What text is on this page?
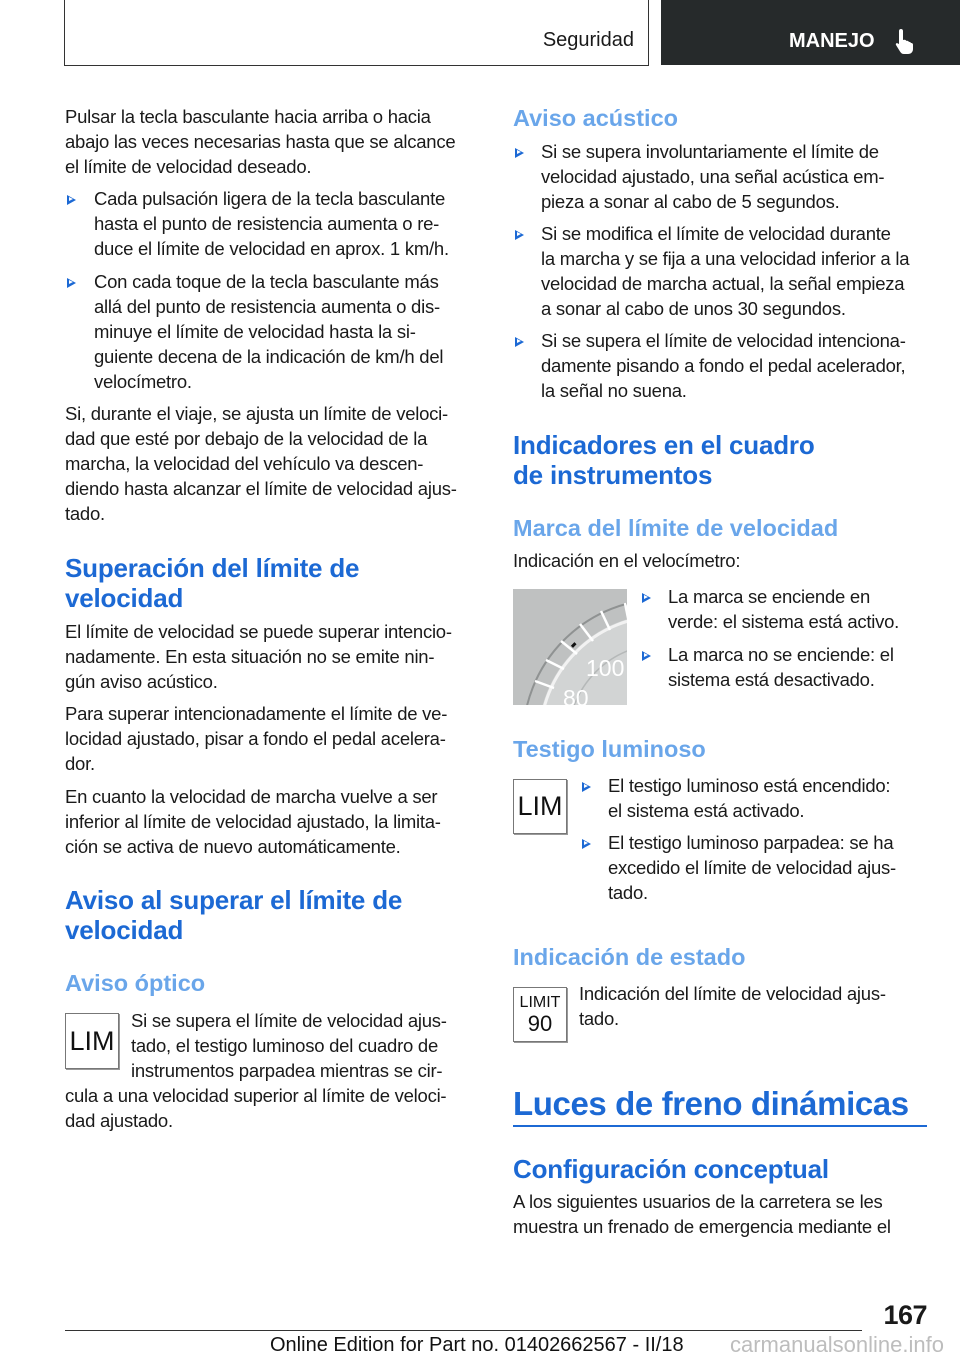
Seguridad	MANEJO
Pulsar la tecla basculante hacia arriba o hacia
abajo las veces necesarias hasta que se alcance
el límite de velocidad deseado.
Cada pulsación ligera de la tecla basculante
hasta el punto de resistencia aumenta o re‐
duce el límite de velocidad en aprox. 1 km/h.
Con cada toque de la tecla basculante más
allá del punto de resistencia aumenta o dis‐
minuye el límite de velocidad hasta la si‐
guiente decena de la indicación de km/h del
velocímetro.
Si, durante el viaje, se ajusta un límite de veloci‐
dad que esté por debajo de la velocidad de la
marcha, la velocidad del vehículo va descen‐
diendo hasta alcanzar el límite de velocidad ajus‐
tado.
Superación del límite de
velocidad
El límite de velocidad se puede superar intencio‐
nadamente. En esta situación no se emite nin‐
gún aviso acústico.
Para superar intencionadamente el límite de ve‐
locidad ajustado, pisar a fondo el pedal acelera‐
dor.
En cuanto la velocidad de marcha vuelve a ser
inferior al límite de velocidad ajustado, la limita‐
ción se activa de nuevo automáticamente.
Aviso al superar el límite de
velocidad
Aviso óptico
LIM
Si se supera el límite de velocidad ajus‐
tado, el testigo luminoso del cuadro de
instrumentos parpadea mientras se cir‐
cula a una velocidad superior al límite de veloci‐
dad ajustado.
Aviso acústico
Si se supera involuntariamente el límite de
velocidad ajustado, una señal acústica em‐
pieza a sonar al cabo de 5 segundos.
Si se modifica el límite de velocidad durante
la marcha y se fija a una velocidad inferior a la
velocidad de marcha actual, la señal empieza
a sonar al cabo de unos 30 segundos.
Si se supera el límite de velocidad intenciona‐
damente pisando a fondo el pedal acelerador,
la señal no suena.
Indicadores en el cuadro
de instrumentos
Marca del límite de velocidad
Indicación en el velocímetro:
100
80
La marca se enciende en
verde: el sistema está activo.
La marca no se enciende: el
sistema está desactivado.
Testigo luminoso
LIM
El testigo luminoso está encendido:
el sistema está activado.
El testigo luminoso parpadea: se ha
excedido el límite de velocidad ajus‐
tado.
Indicación de estado
LIMIT
90
Indicación del límite de velocidad ajus‐
tado.
Luces de freno dinámicas
Configuración conceptual
A los siguientes usuarios de la carretera se les
muestra un frenado de emergencia mediante el
167
Online Edition for Part no. 01402662567 - II/18 carmanualsonline.info
